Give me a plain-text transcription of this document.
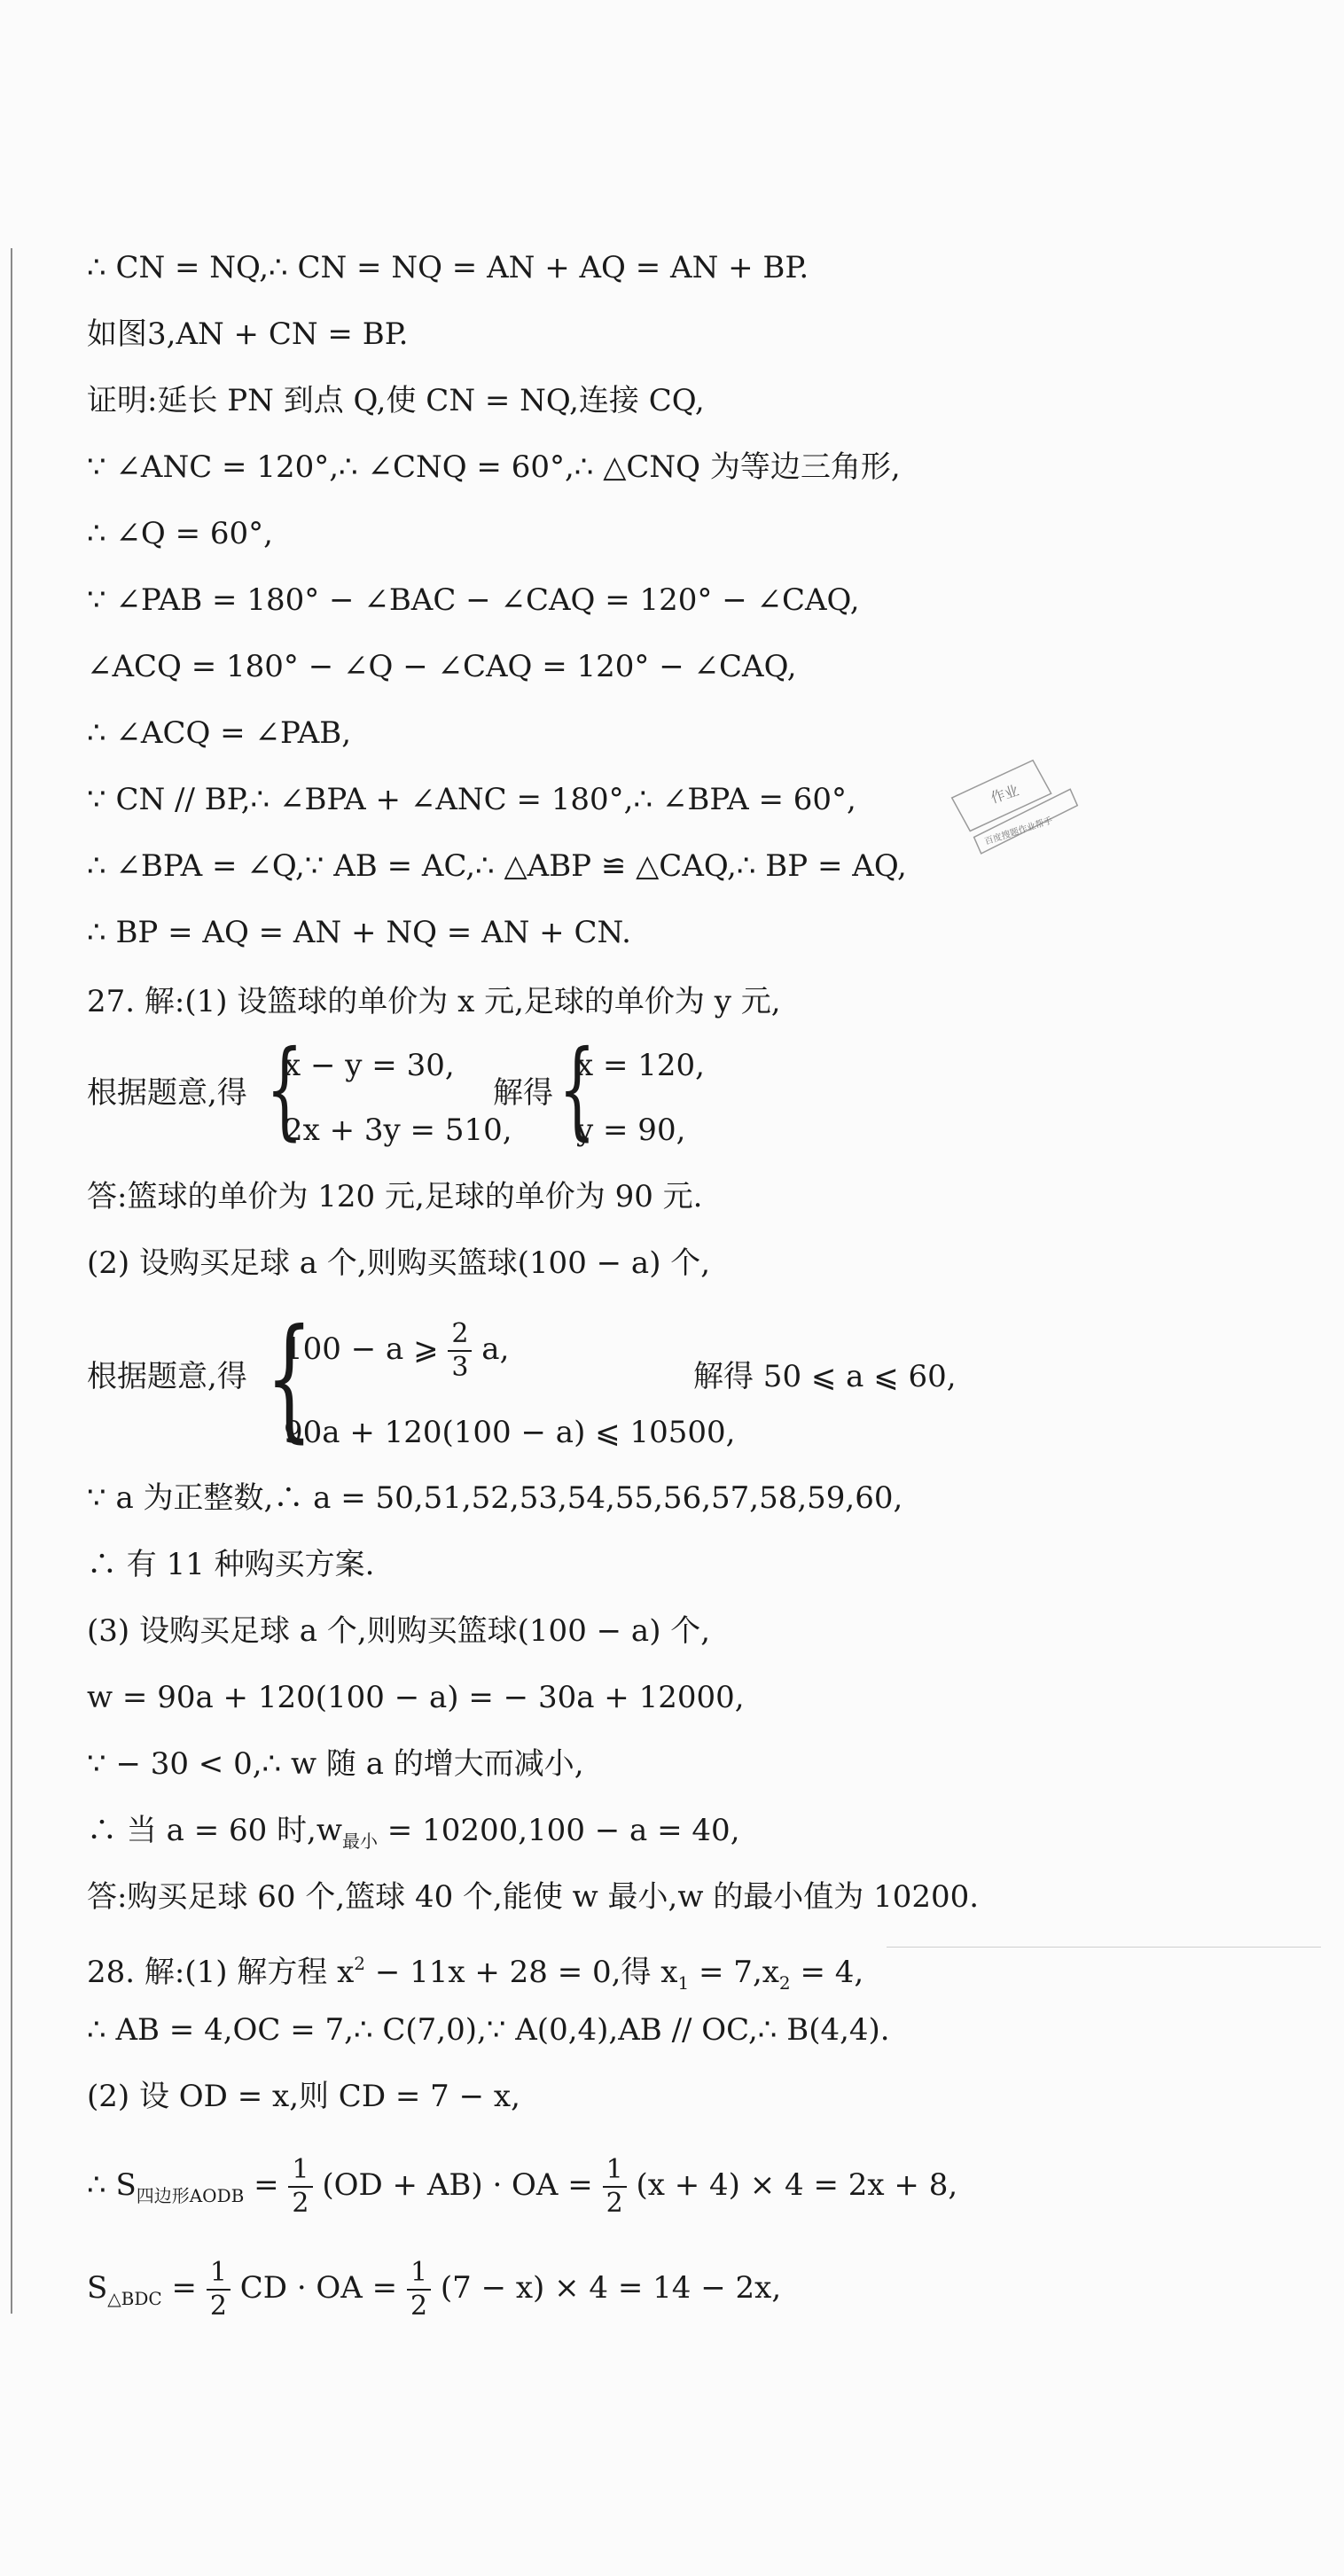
∴ CN = NQ,∴ CN = NQ = AN + AQ = AN + BP.
如图3,AN + CN = BP.
证明:延长 PN 到点 Q,使 CN = NQ,连接 CQ,
∵ ∠ANC = 120°,∴ ∠CNQ = 60°,∴ △CNQ 为等边三角形,
∴ ∠Q = 60°,
∵ ∠PAB = 180° − ∠BAC − ∠CAQ = 120° − ∠CAQ,
∠ACQ = 180° − ∠Q − ∠CAQ = 120° − ∠CAQ,
∴ ∠ACQ = ∠PAB,
∵ CN // BP,∴ ∠BPA + ∠ANC = 180°,∴ ∠BPA = 60°,
∴ ∠BPA = ∠Q,∵ AB = AC,∴ △ABP ≌ △CAQ,∴ BP = AQ,
∴ BP = AQ = AN + NQ = AN + CN.
27. 解:(1) 设篮球的单价为 x 元,足球的单价为 y 元,
根据题意,得 {
x − y = 30,
2x + 3y = 510,
解得 {
x = 120,
y = 90,
答:篮球的单价为 120 元,足球的单价为 90 元.
(2) 设购买足球 a 个,则购买篮球(100 − a) 个,
根据题意,得 {
100 − a ⩾ $\frac{2}{3} a$,
90a + 120(100 − a) ⩽ 10500,
解得 50 ⩽ a ⩽ 60,
∵ a 为正整数,∴ a = 50,51,52,53,54,55,56,57,58,59,60,
∴ 有 11 种购买方案.
(3) 设购买足球 a 个,则购买篮球(100 − a) 个,
w = 90a + 120(100 − a) = − 30a + 12000,
∵ − 30 < 0,∴ w 随 a 的增大而减小,
∴ 当 a = 60 时$,w_{最小} = 10200,100 - a = 40$,
答:购买足球 60 个,篮球 40 个,能使 w 最小,w 的最小值为 10200.
28. 解:(1) 解方程 $x^2 - 11x + 28 = 0$,得 $x_1 = 7,x_2 = 4$,
∴ AB = 4,OC = 7,∴ C(7,0),∵ A(0,4),AB // OC,∴ B(4,4).
(2) 设 OD = x,则 CD = 7 − x,
∴ $S_{四边形AODB} = \frac{1}{2} (OD + AB)$ · OA = $\frac{1}{2} (x + 4) \times 4 = 2x + 8$,
$S_{\triangle BDC} = \frac{1}{2}$ CD · OA = $\frac{1}{2} (7 - x) \times 4 = 14 - 2x$,
作业
百度搜题作业帮手
